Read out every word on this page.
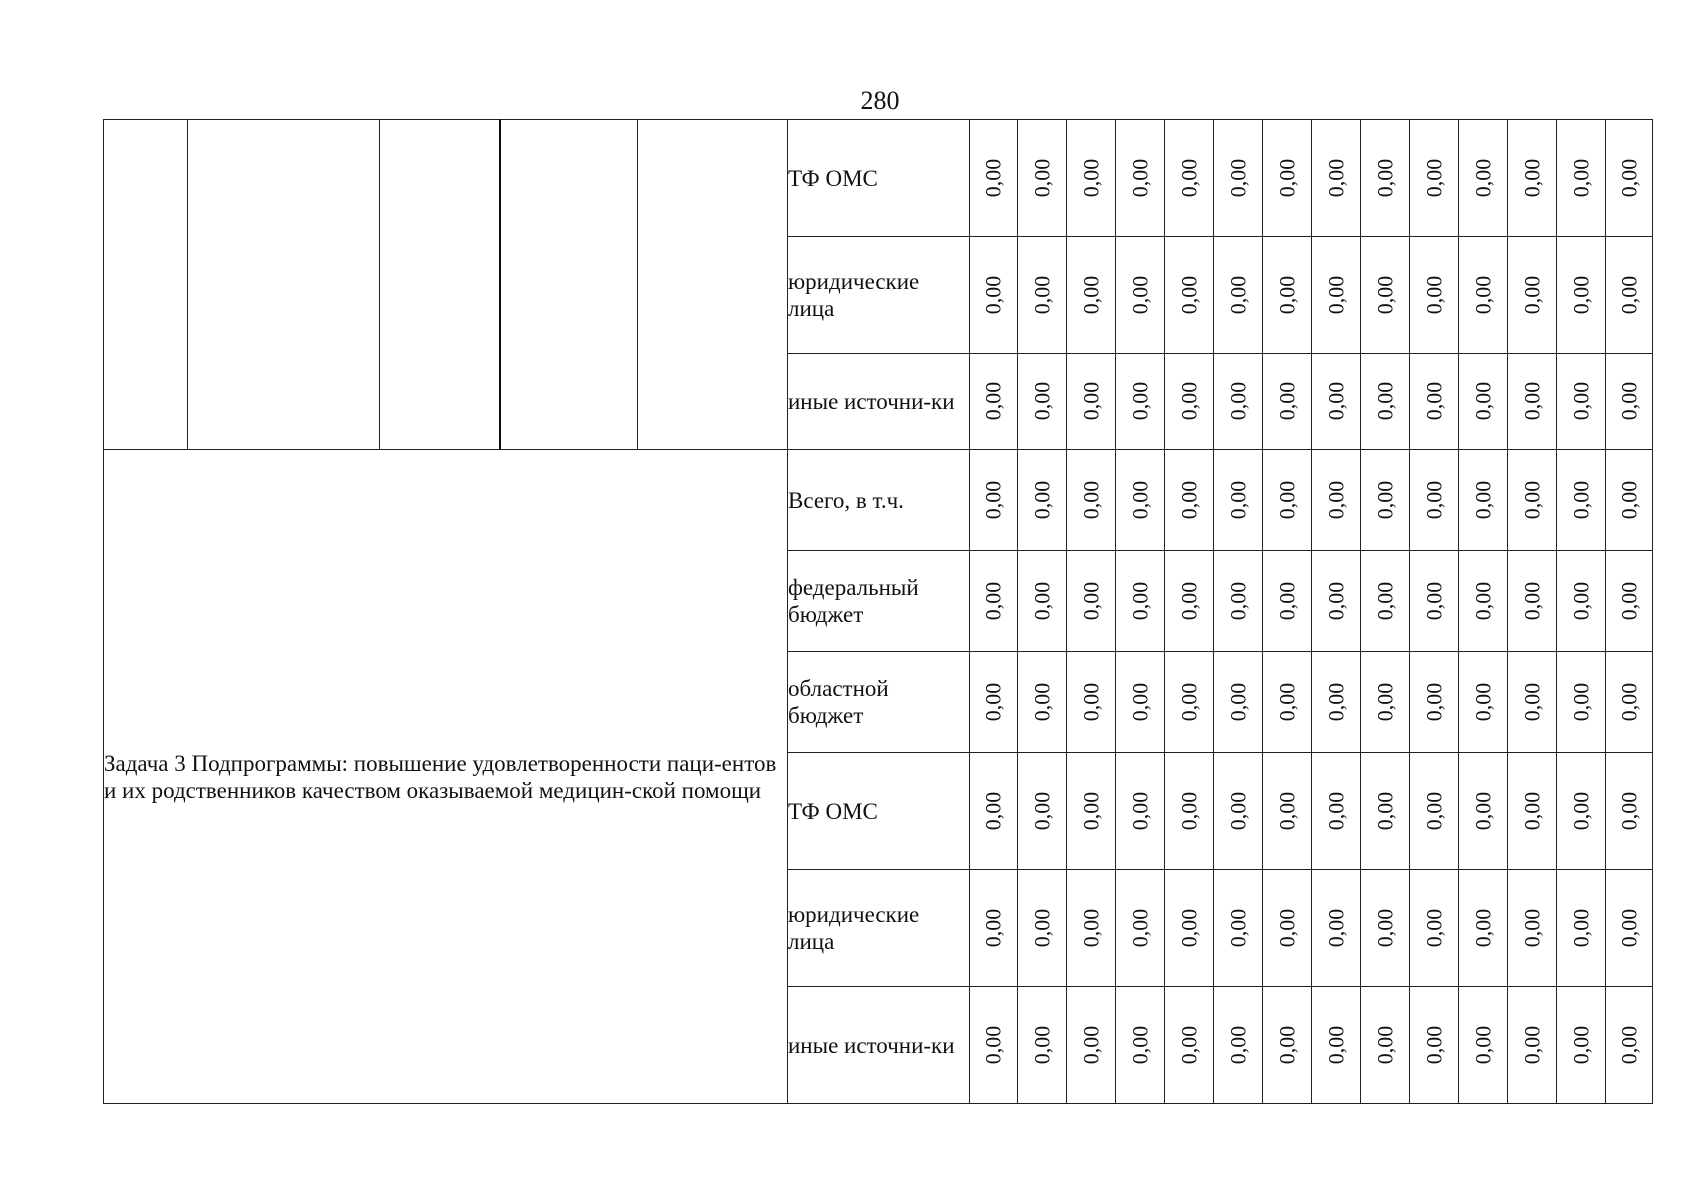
280
					ТФ ОМС	0,00	0,00	0,00	0,00	0,00	0,00	0,00	0,00	0,00	0,00	0,00	0,00	0,00	0,00
					юридические лица	0,00	0,00	0,00	0,00	0,00	0,00	0,00	0,00	0,00	0,00	0,00	0,00	0,00	0,00
					иные источни-ки	0,00	0,00	0,00	0,00	0,00	0,00	0,00	0,00	0,00	0,00	0,00	0,00	0,00	0,00
Задача 3 Подпрограммы: повышение удовлетворенности паци-ентов и их родственников качеством оказываемой медицин-ской помощи					Всего, в т.ч.	0,00	0,00	0,00	0,00	0,00	0,00	0,00	0,00	0,00	0,00	0,00	0,00	0,00	0,00
					федеральный бюджет	0,00	0,00	0,00	0,00	0,00	0,00	0,00	0,00	0,00	0,00	0,00	0,00	0,00	0,00
					областной бюджет	0,00	0,00	0,00	0,00	0,00	0,00	0,00	0,00	0,00	0,00	0,00	0,00	0,00	0,00
					ТФ ОМС	0,00	0,00	0,00	0,00	0,00	0,00	0,00	0,00	0,00	0,00	0,00	0,00	0,00	0,00
					юридические лица	0,00	0,00	0,00	0,00	0,00	0,00	0,00	0,00	0,00	0,00	0,00	0,00	0,00	0,00
					иные источни-ки	0,00	0,00	0,00	0,00	0,00	0,00	0,00	0,00	0,00	0,00	0,00	0,00	0,00	0,00
